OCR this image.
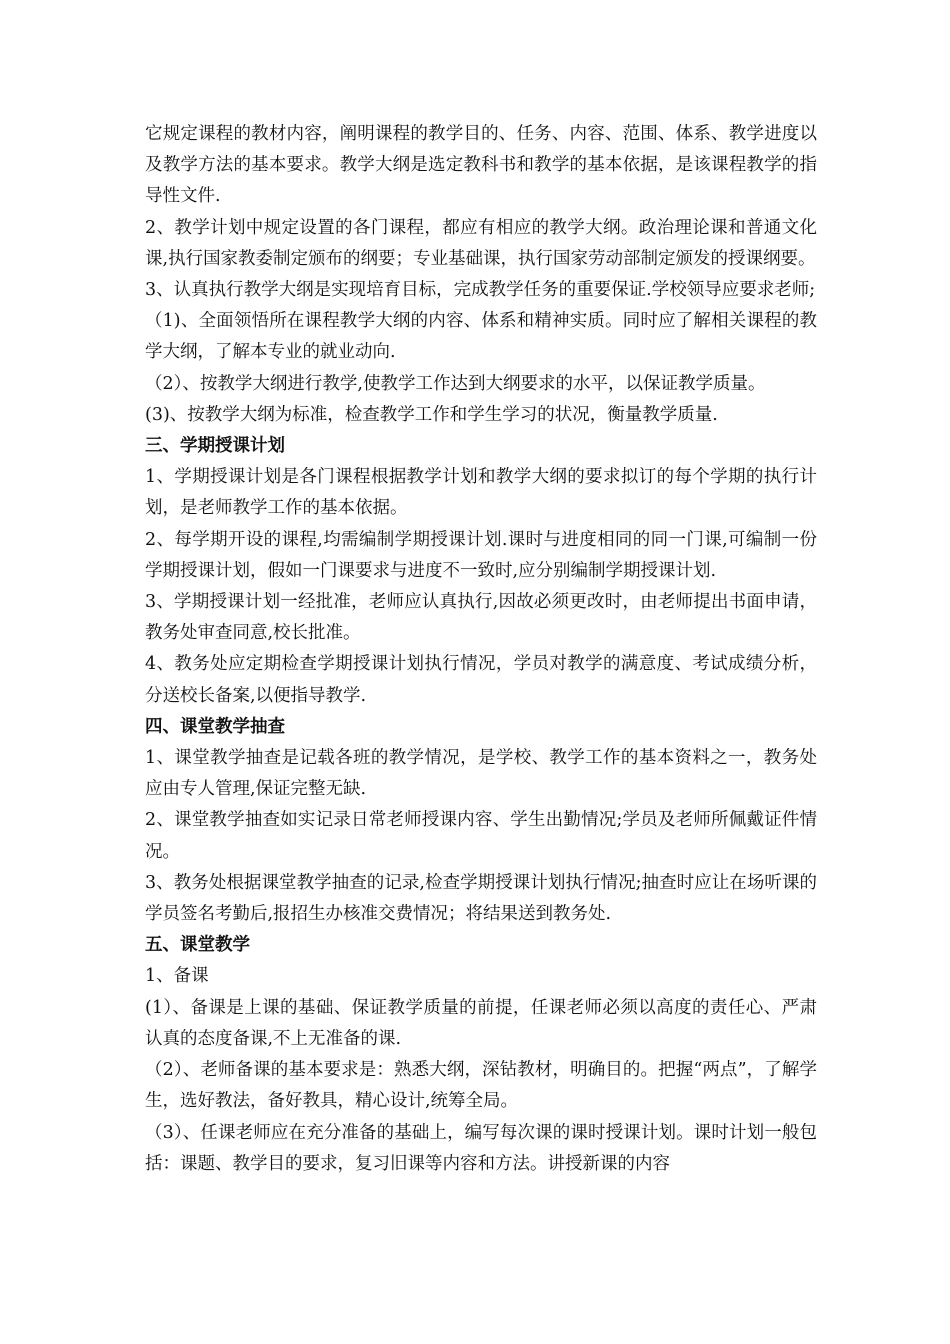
它规定课程的教材内容，阐明课程的教学目的、任务、内容、范围、体系、教学进度以及教学方法的基本要求。教学大纲是选定教科书和教学的基本依据，是该课程教学的指导性文件.

2、教学计划中规定设置的各门课程，都应有相应的教学大纲。政治理论课和普通文化课,执行国家教委制定颁布的纲要；专业基础课，执行国家劳动部制定颁发的授课纲要。

3、认真执行教学大纲是实现培育目标，完成教学任务的重要保证.学校领导应要求老师;

（1)、全面领悟所在课程教学大纲的内容、体系和精神实质。同时应了解相关课程的教学大纲，了解本专业的就业动向.

（2）、按教学大纲进行教学,使教学工作达到大纲要求的水平，以保证教学质量。

(3)、按教学大纲为标准，检查教学工作和学生学习的状况，衡量教学质量.

三、学期授课计划

1、学期授课计划是各门课程根据教学计划和教学大纲的要求拟订的每个学期的执行计划，是老师教学工作的基本依据。

2、每学期开设的课程,均需编制学期授课计划.课时与进度相同的同一门课,可编制一份学期授课计划，假如一门课要求与进度不一致时,应分别编制学期授课计划.

3、学期授课计划一经批准，老师应认真执行,因故必须更改时，由老师提出书面申请，教务处审查同意,校长批准。

4、教务处应定期检查学期授课计划执行情况，学员对教学的满意度、考试成绩分析，分送校长备案,以便指导教学.

四、课堂教学抽查

1、课堂教学抽查是记载各班的教学情况，是学校、教学工作的基本资料之一，教务处应由专人管理,保证完整无缺.

2、课堂教学抽查如实记录日常老师授课内容、学生出勤情况;学员及老师所佩戴证件情况。

3、教务处根据课堂教学抽查的记录,检查学期授课计划执行情况;抽查时应让在场听课的学员签名考勤后,报招生办核准交费情况；将结果送到教务处.

五、课堂教学

1、备课

(1）、备课是上课的基础、保证教学质量的前提，任课老师必须以高度的责任心、严肃认真的态度备课,不上无准备的课.

（2）、老师备课的基本要求是：熟悉大纲，深钻教材，明确目的。把握“两点”，了解学生，选好教法，备好教具，精心设计,统筹全局。

（3）、任课老师应在充分准备的基础上，编写每次课的课时授课计划。课时计划一般包括：课题、教学目的要求，复习旧课等内容和方法。讲授新课的内容
